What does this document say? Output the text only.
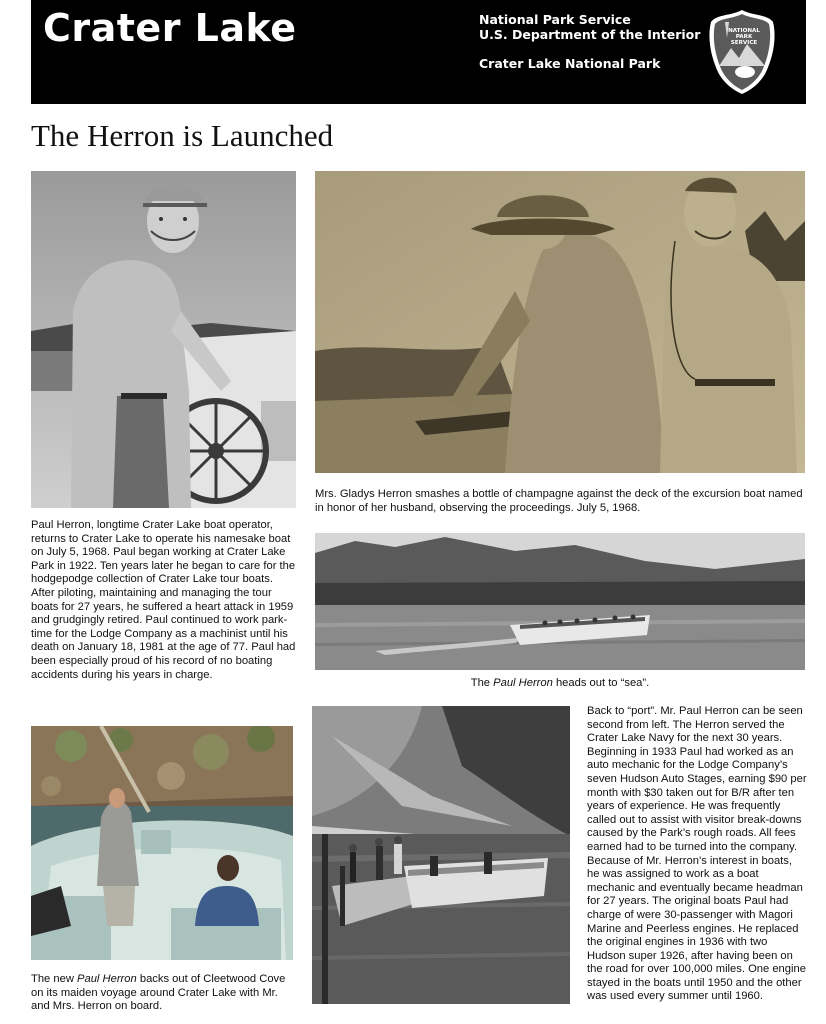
Crater Lake	National Park Service
U.S. Department of the Interior
Crater Lake National Park
NATIONAL
PARK
SERVICE
The Herron is Launched
Mrs. Gladys Herron smashes a bottle of champagne against the deck of the excursion boat named in honor of her husband, observing the proceedings. July 5, 1968.
Paul Herron, longtime Crater Lake boat operator, returns to Crater Lake to operate his namesake boat on July 5, 1968. Paul began working at Crater Lake Park in 1922. Ten years later he began to care for the hodgepodge collection of Crater Lake tour boats. After piloting, maintaining and managing the tour boats for 27 years, he suffered a heart attack in 1959 and grudgingly retired. Paul continued to work park-time for the Lodge Company as a machinist until his death on January 18, 1981 at the age of 77. Paul had been especially proud of his record of no boating accidents during his years in charge.
The Paul Herron heads out to “sea”.
The new Paul Herron backs out of Cleetwood Cove on its maiden voyage around Crater Lake with Mr. and Mrs. Herron on board.
Back to “port”. Mr. Paul Herron can be seen second from left. The Herron served the Crater Lake Navy for the next 30 years. Beginning in 1933 Paul had worked as an auto mechanic for the Lodge Company’s seven Hudson Auto Stages, earning $90 per month with $30 taken out for B/R after ten years of experience. He was frequently called out to assist with visitor break-downs caused by the Park’s rough roads. All fees earned had to be turned into the company. Because of Mr. Herron’s interest in boats, he was assigned to work as a boat mechanic and eventually became headman for 27 years. The original boats Paul had charge of were 30-passenger with Magori Marine and Peerless engines. He replaced the original engines in 1936 with two Hudson super 1926, after having been on the road for over 100,000 miles. One engine stayed in the boats until 1950 and the other was used every summer until 1960.
